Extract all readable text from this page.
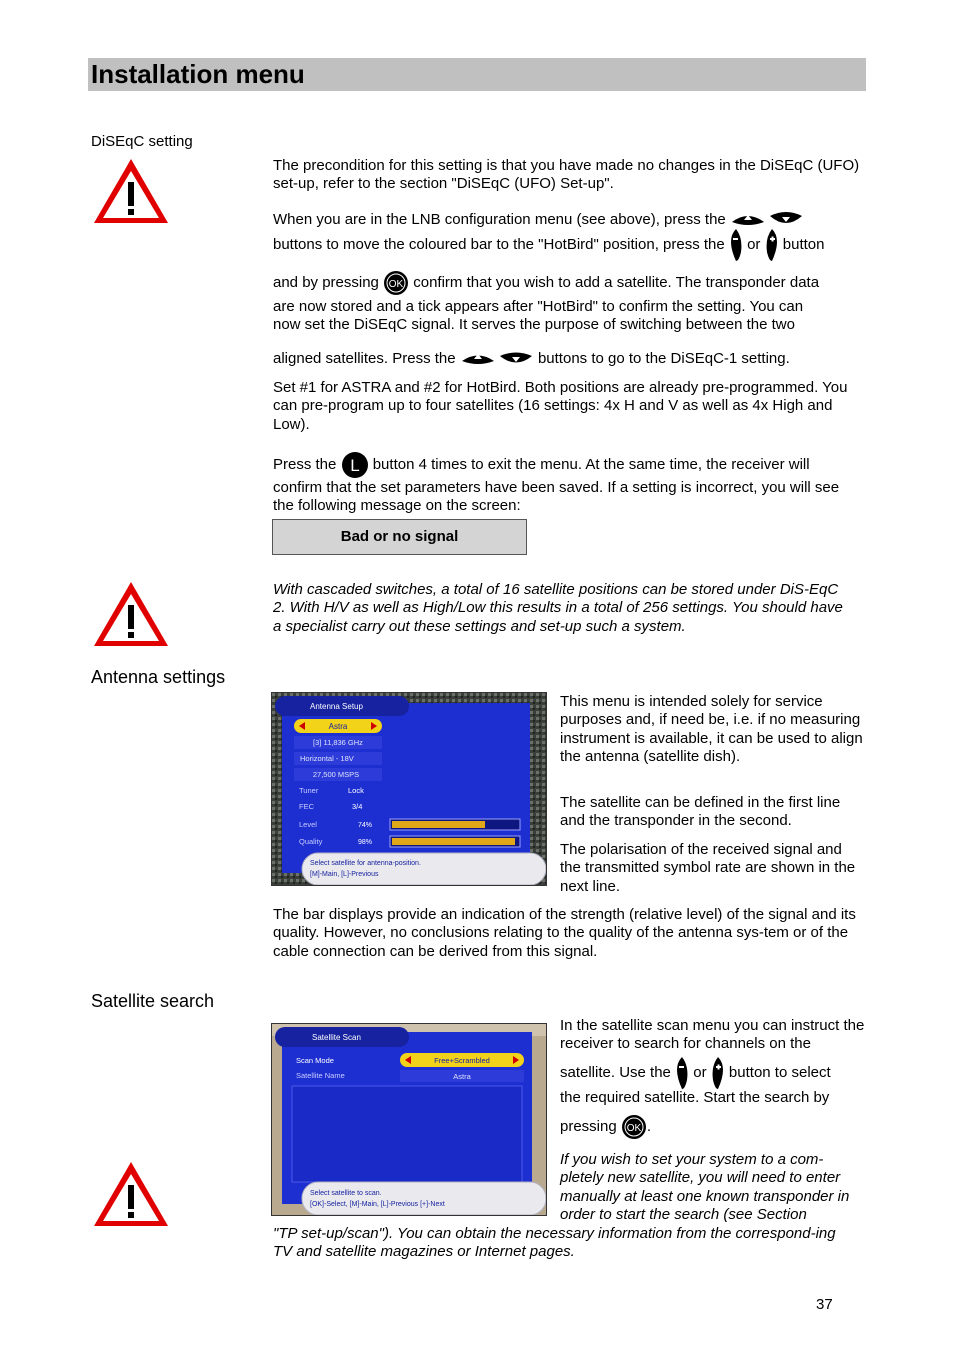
Installation menu
DiSEqC setting
The precondition for this setting is that you have made no changes in the DiSEqC (UFO) set-up, refer to the section "DiSEqC (UFO) Set-up".
When you are in the LNB configuration menu (see above), press the
buttons to move the coloured bar to the "HotBird" position, press the or button
and by pressing OK confirm that you wish to add a satellite. The transponder data
are now stored and a tick appears after "HotBird" to confirm the setting. You can
now set the DiSEqC signal. It serves the purpose of switching between the two
aligned satellites. Press the	buttons to go to the DiSEqC-1 setting.
Set #1 for ASTRA and #2 for HotBird. Both positions are already pre-programmed. You can pre-program up to four satellites (16 settings: 4x H and V as well as 4x High and Low).
Press the L button 4 times to exit the menu. At the same time, the receiver will
confirm that the set parameters have been saved. If a setting is incorrect, you will see the following message on the screen:
Bad or no signal
With cascaded switches, a total of 16 satellite positions can be stored under DiS-EqC 2. With H/V as well as High/Low this results in a total of 256 settings. You should have a specialist carry out these settings and set-up such a system.
Antenna settings
Antenna Setup
Astra
[3] 11,836 GHz
Horizontal - 18V
27,500 MSPS
Tuner	Lock
FEC	3/4
Level	74%
Quality	98%
Select satellite for antenna-position.
[M]-Main, [L]-Previous
This menu is intended solely for service purposes and, if need be, i.e. if no measuring instrument is available, it can be used to align the antenna (satellite dish).
The satellite can be defined in the first line and the transponder in the second.
The polarisation of the received signal and the transmitted symbol rate are shown in the next line.
The bar displays provide an indication of the strength (relative level) of the signal and its quality. However, no conclusions relating to the quality of the antenna sys-tem or of the cable connection can be derived from this signal.
Satellite search
Satellite Scan
Scan Mode	Free+Scrambled
Satellite Name	Astra
Select satellite to scan.
[OK]-Select, [M]-Main, [L]-Previous [+]-Next
In the satellite scan menu you can instruct the receiver to search for channels on the
satellite. Use the or button to select
the required satellite. Start the search by
pressing OK .
If you wish to set your system to a com-pletely new satellite, you will need to enter manually at least one known transponder in order to start the search (see Section
"TP set-up/scan"). You can obtain the necessary information from the correspond-ing TV and satellite magazines or Internet pages.
37
